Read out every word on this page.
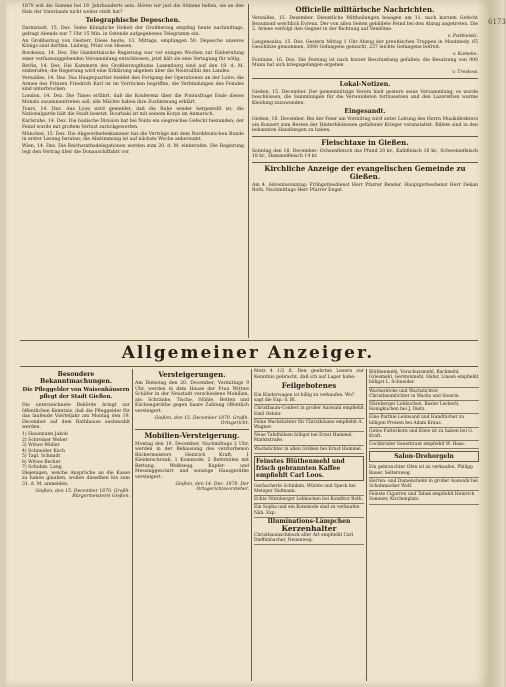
6173

1870 wiß die Summe bei 19. Jahrhunderts sein. Hören wir jezt die Stimme hellen, sie an den Hals der Vaterlands nicht weiter stellt hat?

Telegraphische Depeschen.

Darmstadt, 15. Dez. Seine Königliche Hoheit der Großherzog empfing heute nachmittags, gefragt Abends nur 7 Uhr 15 Min. in Ostende aufgegebenes Telegramm ein.

An Großherzog von Oesterr. Diese heute, 13. Mittags, empfangen 50. Depesche unseres Königs sind dorthin. Ludwig, Prinz von Hessen.

Bordeaux, 14. Dez. Die Gambettaische Regierung war vor einigen Wochen zur Einberufung einer verfassunggebenden Versammlung entschlossen, jetzt hält sie eine Vertagung für nötig.

Berlin, 14. Dez. Die Kammern des Großherzogthums Luxemburg sind auf den 19. d. M. einberufen; die Regierung wird eine Erklärung abgeben über die Neutralität des Landes.

Versailles, 14. Dez. Das Hauptquartier meldet den Fortgang der Operationen an der Loire; die Armee des Prinzen Friedrich Karl ist im Vorrücken begriffen, die Verbindungen des Feindes sind unterbrochen.

London, 14. Dez. Die Times erfährt, daß die Konferenz über die Pontusfrage Ende dieses Monats zusammentreten soll; alle Mächte haben ihre Zustimmung erklärt.

Tours, 14. Dez. Aus Lyon wird gemeldet, daß die Ruhe wieder hergestellt ist; die Nationalgarde hält die Stadt besetzt. Bourbaki ist mit seinem Korps im Anmarsch.

Karlsruhe, 14. Dez. Die badische Division hat bei Nuits ein siegreiches Gefecht bestanden; der Feind wurde mit großem Verlust zurückgeworfen.

München, 15. Dez. Die Abgeordnetenkammer hat die Verträge mit dem Norddeutschen Bunde in erster Lesung beraten; die Abstimmung ist auf nächste Woche anberaumt.

Wien, 14. Dez. Die Reichsrathsdelegationen werden zum 20. d. M. einberufen. Die Regierung legt den Vertrag über die Donauschiffahrt vor.

Officielle militärische Nachrichten.

Versailles, 15. Dezember. Dienstliche Mittheilungen besagen am 11. nach kurzem Gefecht Beaumont weichlich Evreux. Der von allen Seiten gebildete Feind bei den Abzug angetreten. Die 2. Armee verfolgt den Gegner in der Richtung auf Vendôme.

v. Podbielski.

Langensalza, 15. Dez. Gestern Mittag 1 Uhr Abzug der preußischen Truppen in Montmedy. 65 Geschütze genommen, 3000 Gefangene gemacht, 237 leichte Gefangene befreit.

v. Kameke.

Fontaine, 16. Dez. Die Festung ist nach kurzer Beschießung gefallen; die Besatzung von 900 Mann hat sich kriegsgefangen ergeben.

v. Treskow.
Lokal-Notizen.

Gießen, 15. December. Der gemeinnützige Verein hielt gestern seine Versammlung; es wurde beschlossen, die Sammlungen für die Verwundeten fortzusetzen und den Lazarethen warme Kleidung zuzuwenden.

Eingesandt.

Gießen, 16. December. Bei der Feier am Vormittag wird unter Leitung des Herrn Musikdirektors ein Konzert zum Besten der Hinterbliebenen gefallener Krieger veranstaltet. Billete sind in den bekannten Handlungen zu haben.

Fleischtaxe in Gießen.

Sonntag den 18. December: Ochsenfleisch das Pfund 20 kr., Kalbfleisch 16 kr., Schweinefleisch 18 kr., Hammelfleisch 14 kr.

Kirchliche Anzeige der evangelischen Gemeinde zu Gießen.

Am 4. Adventssonntag: Frühgottesdienst Herr Pfarrer Bender. Hauptgottesdienst Herr Dekan Roth. Nachmittags Herr Pfarrer Engel.

Allgemeiner Anzeiger.
Besondere Bekanntmachungen.
Die Pfleggelder von Waisenhäusern pflegt der Stadt Gießen.

Die unterzeichnete Behörde bringt zur öffentlichen Kenntnis, daß die Pfleggelder für das laufende Vierteljahr am Montag den 19. December auf dem Rathhause ausbezahlt werden.

1) Hausmann Jakob
2) Schreiner Weber
3) Witwe Müller
4) Schneider Koch
5) Tagl. Schmidt
6) Witwe Becker
7) Schuhm. Lang

Diejenigen, welche Ansprüche an die Kasse zu haben glauben, wollen dieselben bis zum 31. d. M. anmelden.

Gießen, den 15. December 1870. Großh. Bürgermeisterei Gießen.
Versteigerungen.

Am Dienstag den 20. December, Vormittags 9 Uhr, werden in dem Hause der Frau Wittwe Schäfer in der Neustadt verschiedene Mobilien, als: Schränke, Tische, Stühle, Betten und Küchengeräthe gegen baare Zahlung öffentlich versteigert.

Gießen, den 15. December 1870. Großh. Ortsgericht.
Mobilien-Versteigerung.

Montag den 19. December, Nachmittags 2 Uhr, werden in der Behausung des verstorbenen Bäckermeisters Heinrich Kraft: 1 Kleiderschrank, 1 Kommode, 2 Bettstellen mit Bettung, Weißzeug, Kupfer- und Messinggeschirr und sonstige Hausgeräthe versteigert.

Gießen, den 14. Dec. 1870. Der Ortsgerichtsvorsteher.

Metz 4 1/2 fl. Den geehrten Lesern zur Kenntnis gebracht, daß ich auf Lager habe:

Feilgebotenes
Ein Kinderwagen ist billig zu verkaufen. Wo? sagt die Exp. d. Bl.
Christbaum-Confect in großer Auswahl empfiehlt Emil Oehler.
Feine Wachslichter für Christbäume empfiehlt A. Wagner.
Neue Tafelhülsen billigst bei Ernst Hammel, Marktstraße.
Wachslichter in allen Größen bei Ernst Hammel.
Feinstes Blüthenmehl und frisch gebrannten Kaffee empfiehlt Carl Loos.
Geräucherte Schinken, Würste und Speck bei Metzger Hofmann.
Echte Nürnberger Lebkuchen bei Konditor Roth.
Ein Sopha und ein Kommode sind zu verkaufen. Näh. Exp.
Illuminations-Lämpchen
Kerzenhalter
Christbaumschmuck aller Art empfiehlt Carl Dieffenbacher, Neuenweg.
Blüthenmehl, Vorschussmehl, Backmehl, Griesmehl, Gerstenmehl, Hafer, Linsen empfiehlt billigst L. Schneider.
Wachsstöcke und Wachslichter, Christbaumlichter in Wachs und Stearin.
Nürnberger Lebkuchen, Basler Leckerli, Honigkuchen bei J. Dietz.
Eine Parthie Leinwand und Handtücher zu billigen Preisen bei Adam Kraus.
Gutes Futterkorn und Kleie ist zu haben bei G. Kraft.
Cochbruder Sauerkraut empfiehlt W. Haas.
Salon-Drehorgeln
Ein gebrauchter Ofen ist zu verkaufen. Philipp Bauer, Seltersweg.
Herren- und Damenstiefel in großer Auswahl bei Schuhmacher Wolf.
Feinste Cigarren und Tabak empfiehlt Heinrich Sommer, Kirchenplatz.
